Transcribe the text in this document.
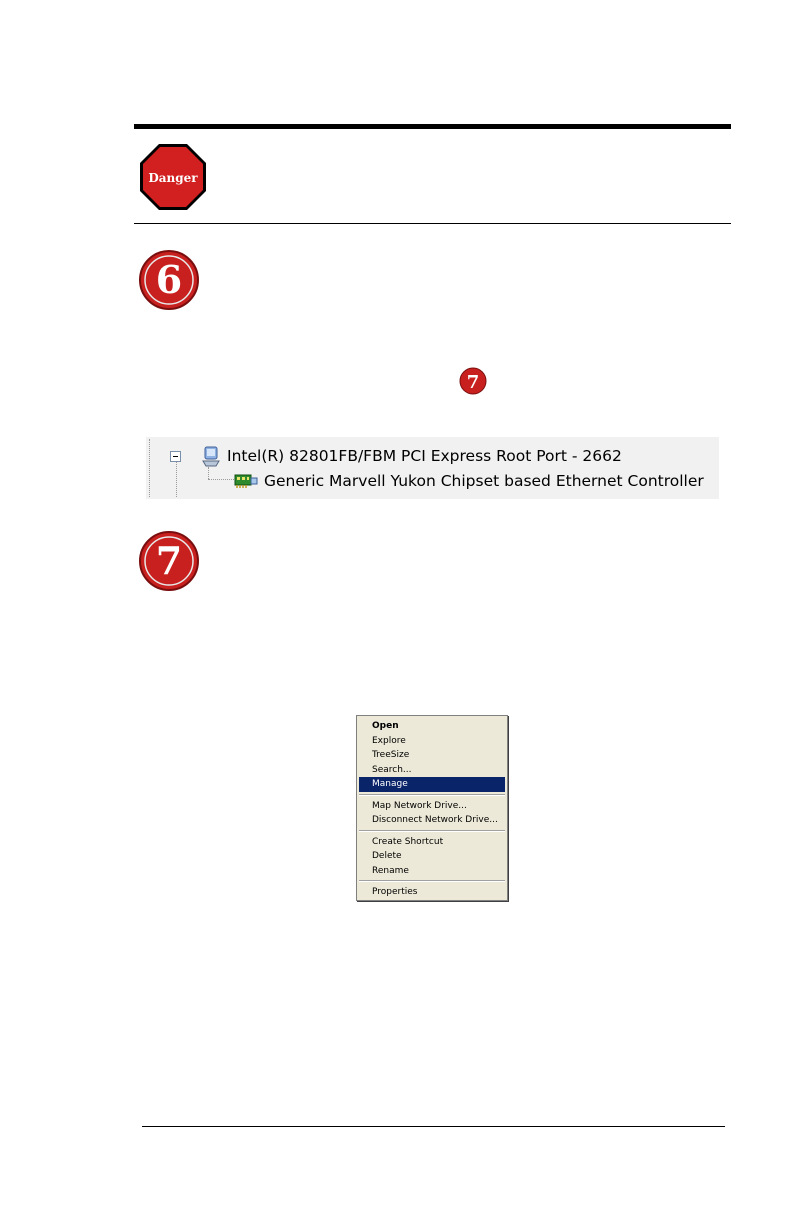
Danger
6
7
Intel(R) 82801FB/FBM PCI Express Root Port - 2662
Generic Marvell Yukon Chipset based Ethernet Controller
7
Open
Explore
TreeSize
Search...
Manage
Map Network Drive...
Disconnect Network Drive...
Create Shortcut
Delete
Rename
Properties
